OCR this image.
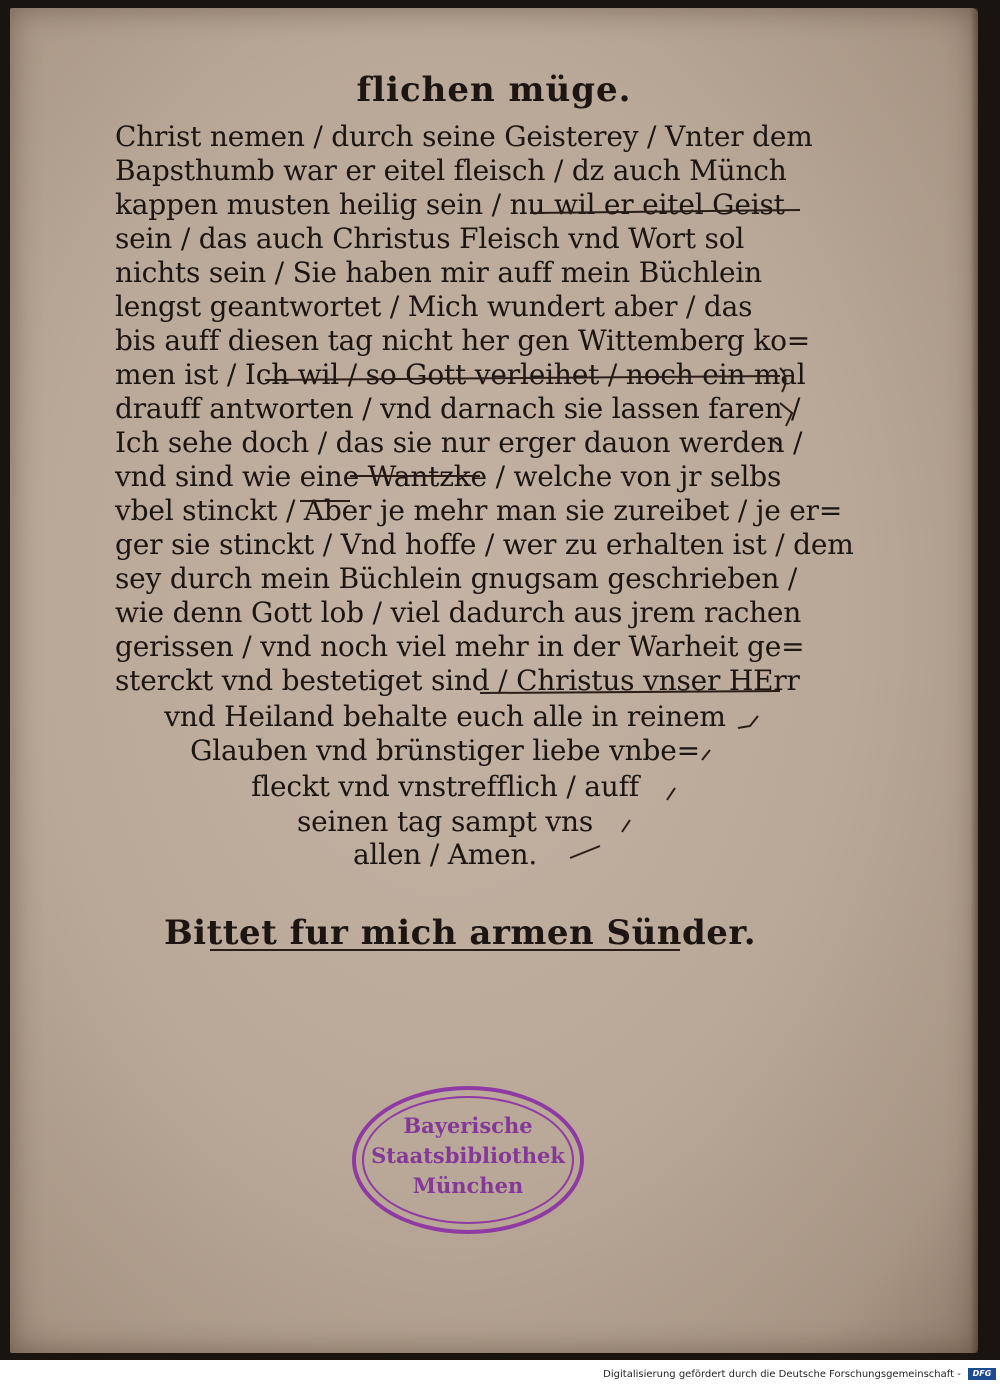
flichen müge.
Christ nemen / durch seine Geisterey / Vnter dem
Bapsthumb war er eitel fleisch / dz auch Münch
kappen musten heilig sein / nu wil er eitel Geist
sein / das auch Christus Fleisch vnd Wort sol
nichts sein / Sie haben mir auff mein Büchlein
lengst geantwortet / Mich wundert aber / das
bis auff diesen tag nicht her gen Wittemberg ko=
men ist / Ich wil / so Gott verleihet / noch ein mal
drauff antworten / vnd darnach sie lassen faren /
Ich sehe doch / das sie nur erger dauon werden /
vnd sind wie eine Wantzke / welche von jr selbs
vbel stinckt / Aber je mehr man sie zureibet / je er=
ger sie stinckt / Vnd hoffe / wer zu erhalten ist / dem
sey durch mein Büchlein gnugsam geschrieben /
wie denn Gott lob / viel dadurch aus jrem rachen
gerissen / vnd noch viel mehr in der Warheit ge=
sterckt vnd bestetiget sind / Christus vnser HErr
vnd Heiland behalte euch alle in reinem
Glauben vnd brünstiger liebe vnbe=
fleckt vnd vnstrefflich / auff
seinen tag sampt vns
allen / Amen.
Bittet fur mich armen Sünder.
Bayerische
Staatsbibliothek
München
Digitalisierung gefördert durch die Deutsche Forschungsgemeinschaft - DFG
